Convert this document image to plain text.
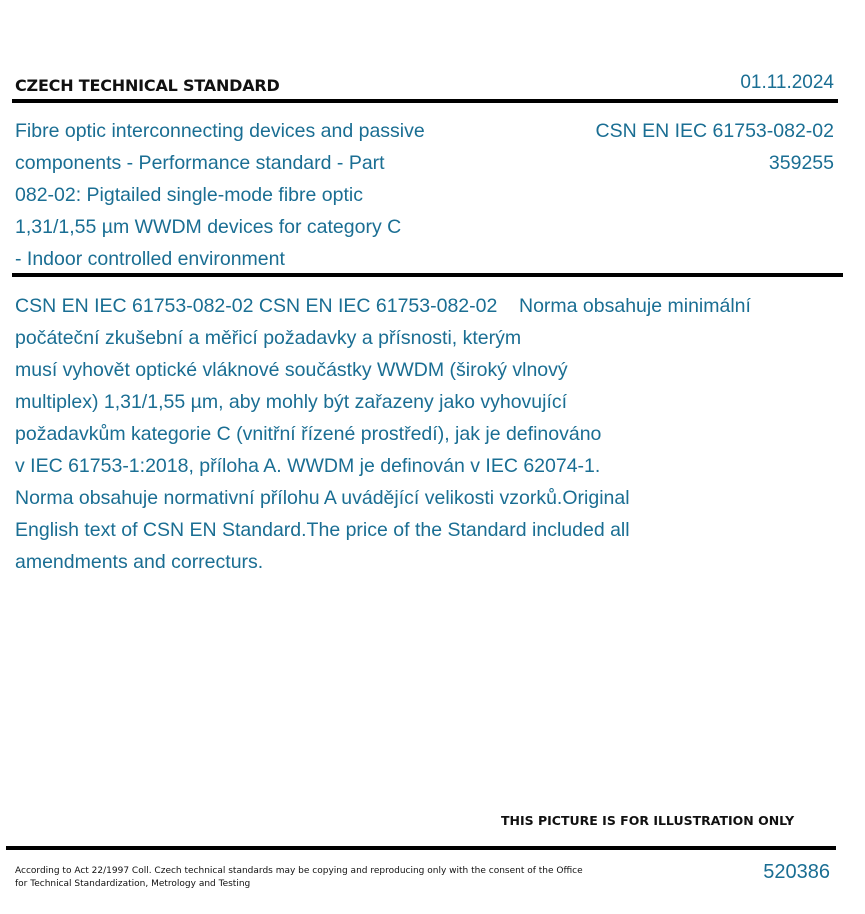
CZECH TECHNICAL STANDARD	01.11.2024
Fibre optic interconnecting devices and passive
components - Performance standard - Part
082-02: Pigtailed single-mode fibre optic
1,31/1,55 µm WWDM devices for category C
- Indoor controlled environment
CSN EN IEC 61753-082-02
359255
CSN EN IEC 61753-082-02 CSN EN IEC 61753-082-02    Norma obsahuje minimální
počáteční zkušební a měřicí požadavky a přísnosti, kterým
musí vyhovět optické vláknové součástky WWDM (široký vlnový
multiplex) 1,31/1,55 µm, aby mohly být zařazeny jako vyhovující
požadavkům kategorie C (vnitřní řízené prostředí), jak je definováno
v IEC 61753-1:2018, příloha A. WWDM je definován v IEC 62074-1.
Norma obsahuje normativní přílohu A uvádějící velikosti vzorků.Original
English text of CSN EN Standard.The price of the Standard included all
amendments and correcturs.
THIS PICTURE IS FOR ILLUSTRATION ONLY
According to Act 22/1997 Coll. Czech technical standards may be copying and reproducing only with the consent of the Office
for Technical Standardization, Metrology and Testing
520386
